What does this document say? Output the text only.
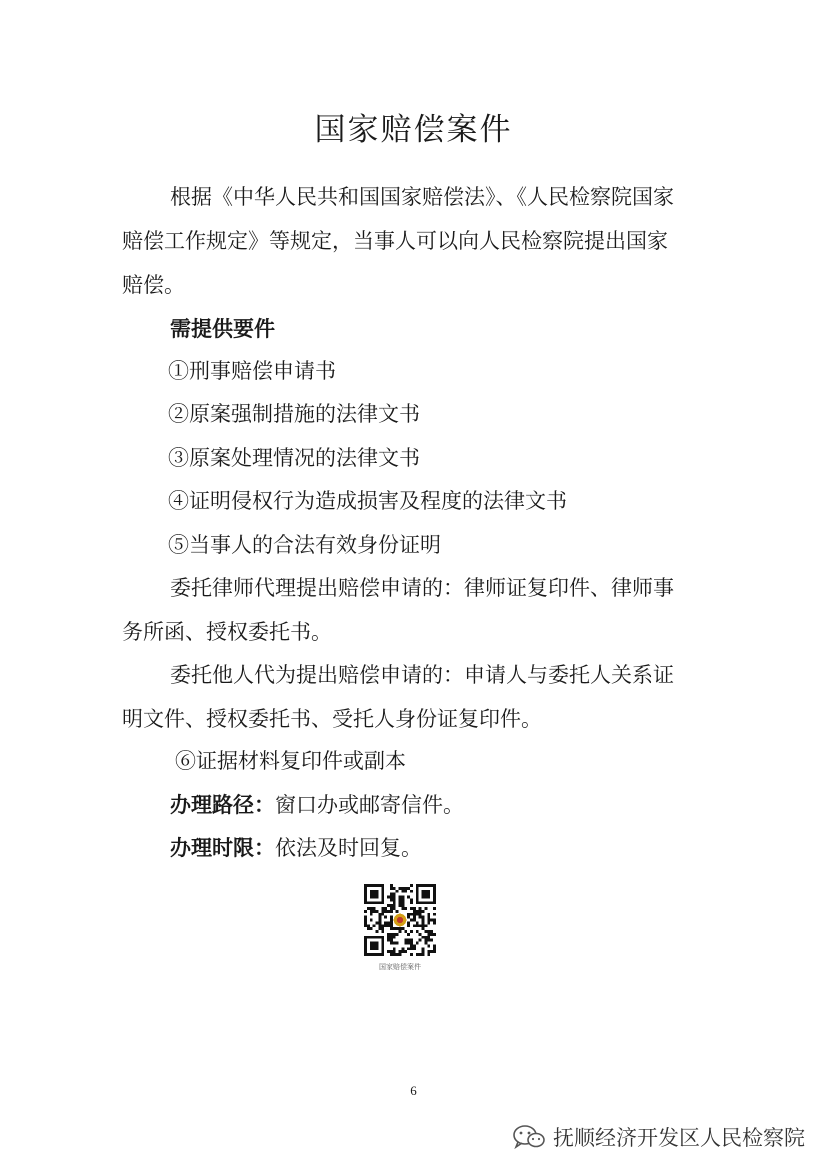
国家赔偿案件
根据《中华人民共和国国家赔偿法》、《人民检察院国家
赔偿工作规定》等规定，当事人可以向人民检察院提出国家
赔偿。
需提供要件
①刑事赔偿申请书
②原案强制措施的法律文书
③原案处理情况的法律文书
④证明侵权行为造成损害及程度的法律文书
⑤当事人的合法有效身份证明
委托律师代理提出赔偿申请的：律师证复印件、律师事
务所函、授权委托书。
委托他人代为提出赔偿申请的：申请人与委托人关系证
明文件、授权委托书、受托人身份证复印件。
⑥证据材料复印件或副本
办理路径：窗口办或邮寄信件。
办理时限：依法及时回复。
国家赔偿案件
6
抚顺经济开发区人民检察院
